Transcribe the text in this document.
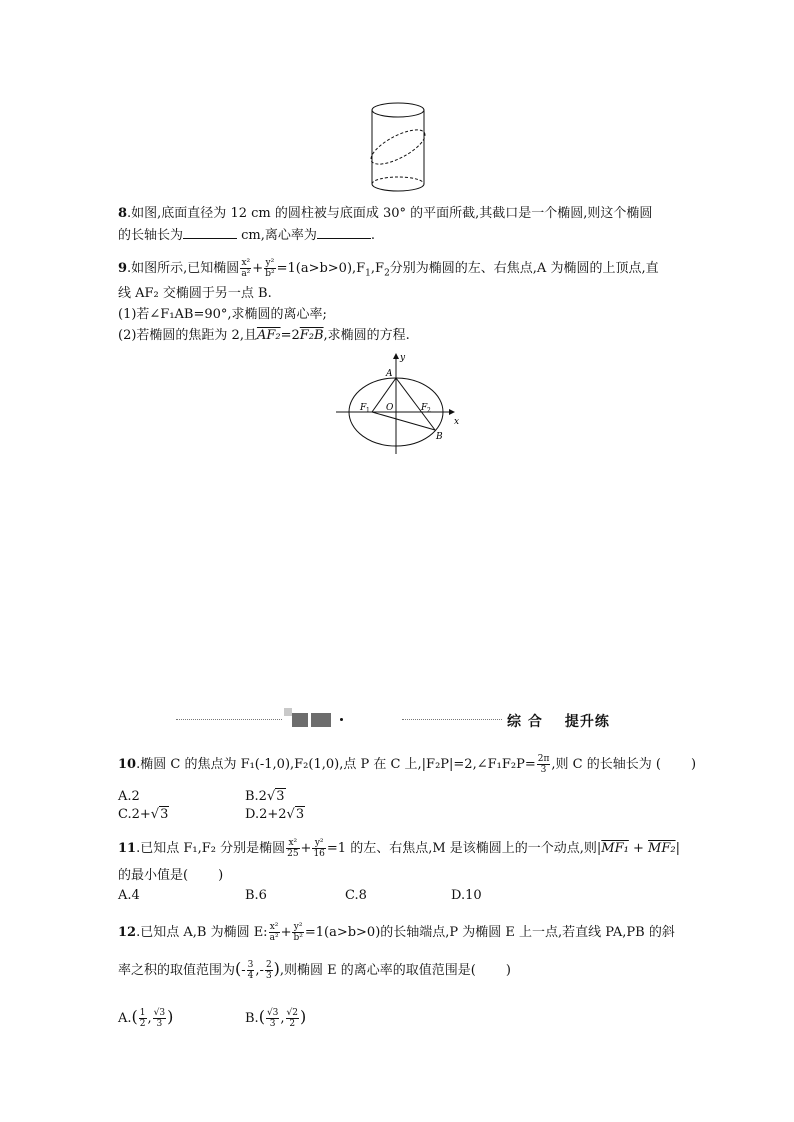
8.如图,底面直径为 12 cm 的圆柱被与底面成 30° 的平面所截,其截口是一个椭圆,则这个椭圆
的长轴长为	cm,离心率为	.
9.如图所示,已知椭圆 $\frac{\text{x²}}{\text{a²}} + \frac{\text{y²}}{\text{b²}} =1(a>b>0),F_1,F_2$分别为椭圆的左、右焦点,A 为椭圆的上顶点,直
线 AF₂ 交椭圆于另一点 B.
(1)若∠F₁AB=90°,求椭圆的离心率;
(2)若椭圆的焦距为 2,且AF₂=2F₂B,求椭圆的方程.
y
x
A
O
F 1	F 2
B
综 合 提升练
10.椭圆 C 的焦点为 F₁(-1,0),F₂(1,0),点 P 在 C 上,|F₂P|=2,∠F₁F₂P= $\frac{2\pi}{3}$ ,则 C 的长轴长为 ( )
A.2	B.2√3
C.2+√3	D.2+2√3
11.已知点 F₁,F₂ 分别是椭圆 $\frac{\text{x²}}{25} + \frac{\text{y²}}{16} =1$ 的左、右焦点,M 是该椭圆上的一个动点,则|MF₁ + MF₂|
的最小值是( )
A.4	B.6	C.8	D.10
12.已知点 A,B 为椭圆 E: $\frac{\text{x²}}{\text{a²}} + \frac{\text{y²}}{\text{b²}} =1(a>b>0)$的长轴端点,P 为椭圆 E 上一点,若直线 PA,PB 的斜
率之积的取值范围为(- $\frac{3}{4}$ ,- $\frac{2}{3}$ ),则椭圆 E 的离心率的取值范围是( )
$A.( \frac{1}{2}$ , $\frac{√3}{3}$ )	$B.( \frac{√3}{3}$ , $\frac{√2}{2}$ )
